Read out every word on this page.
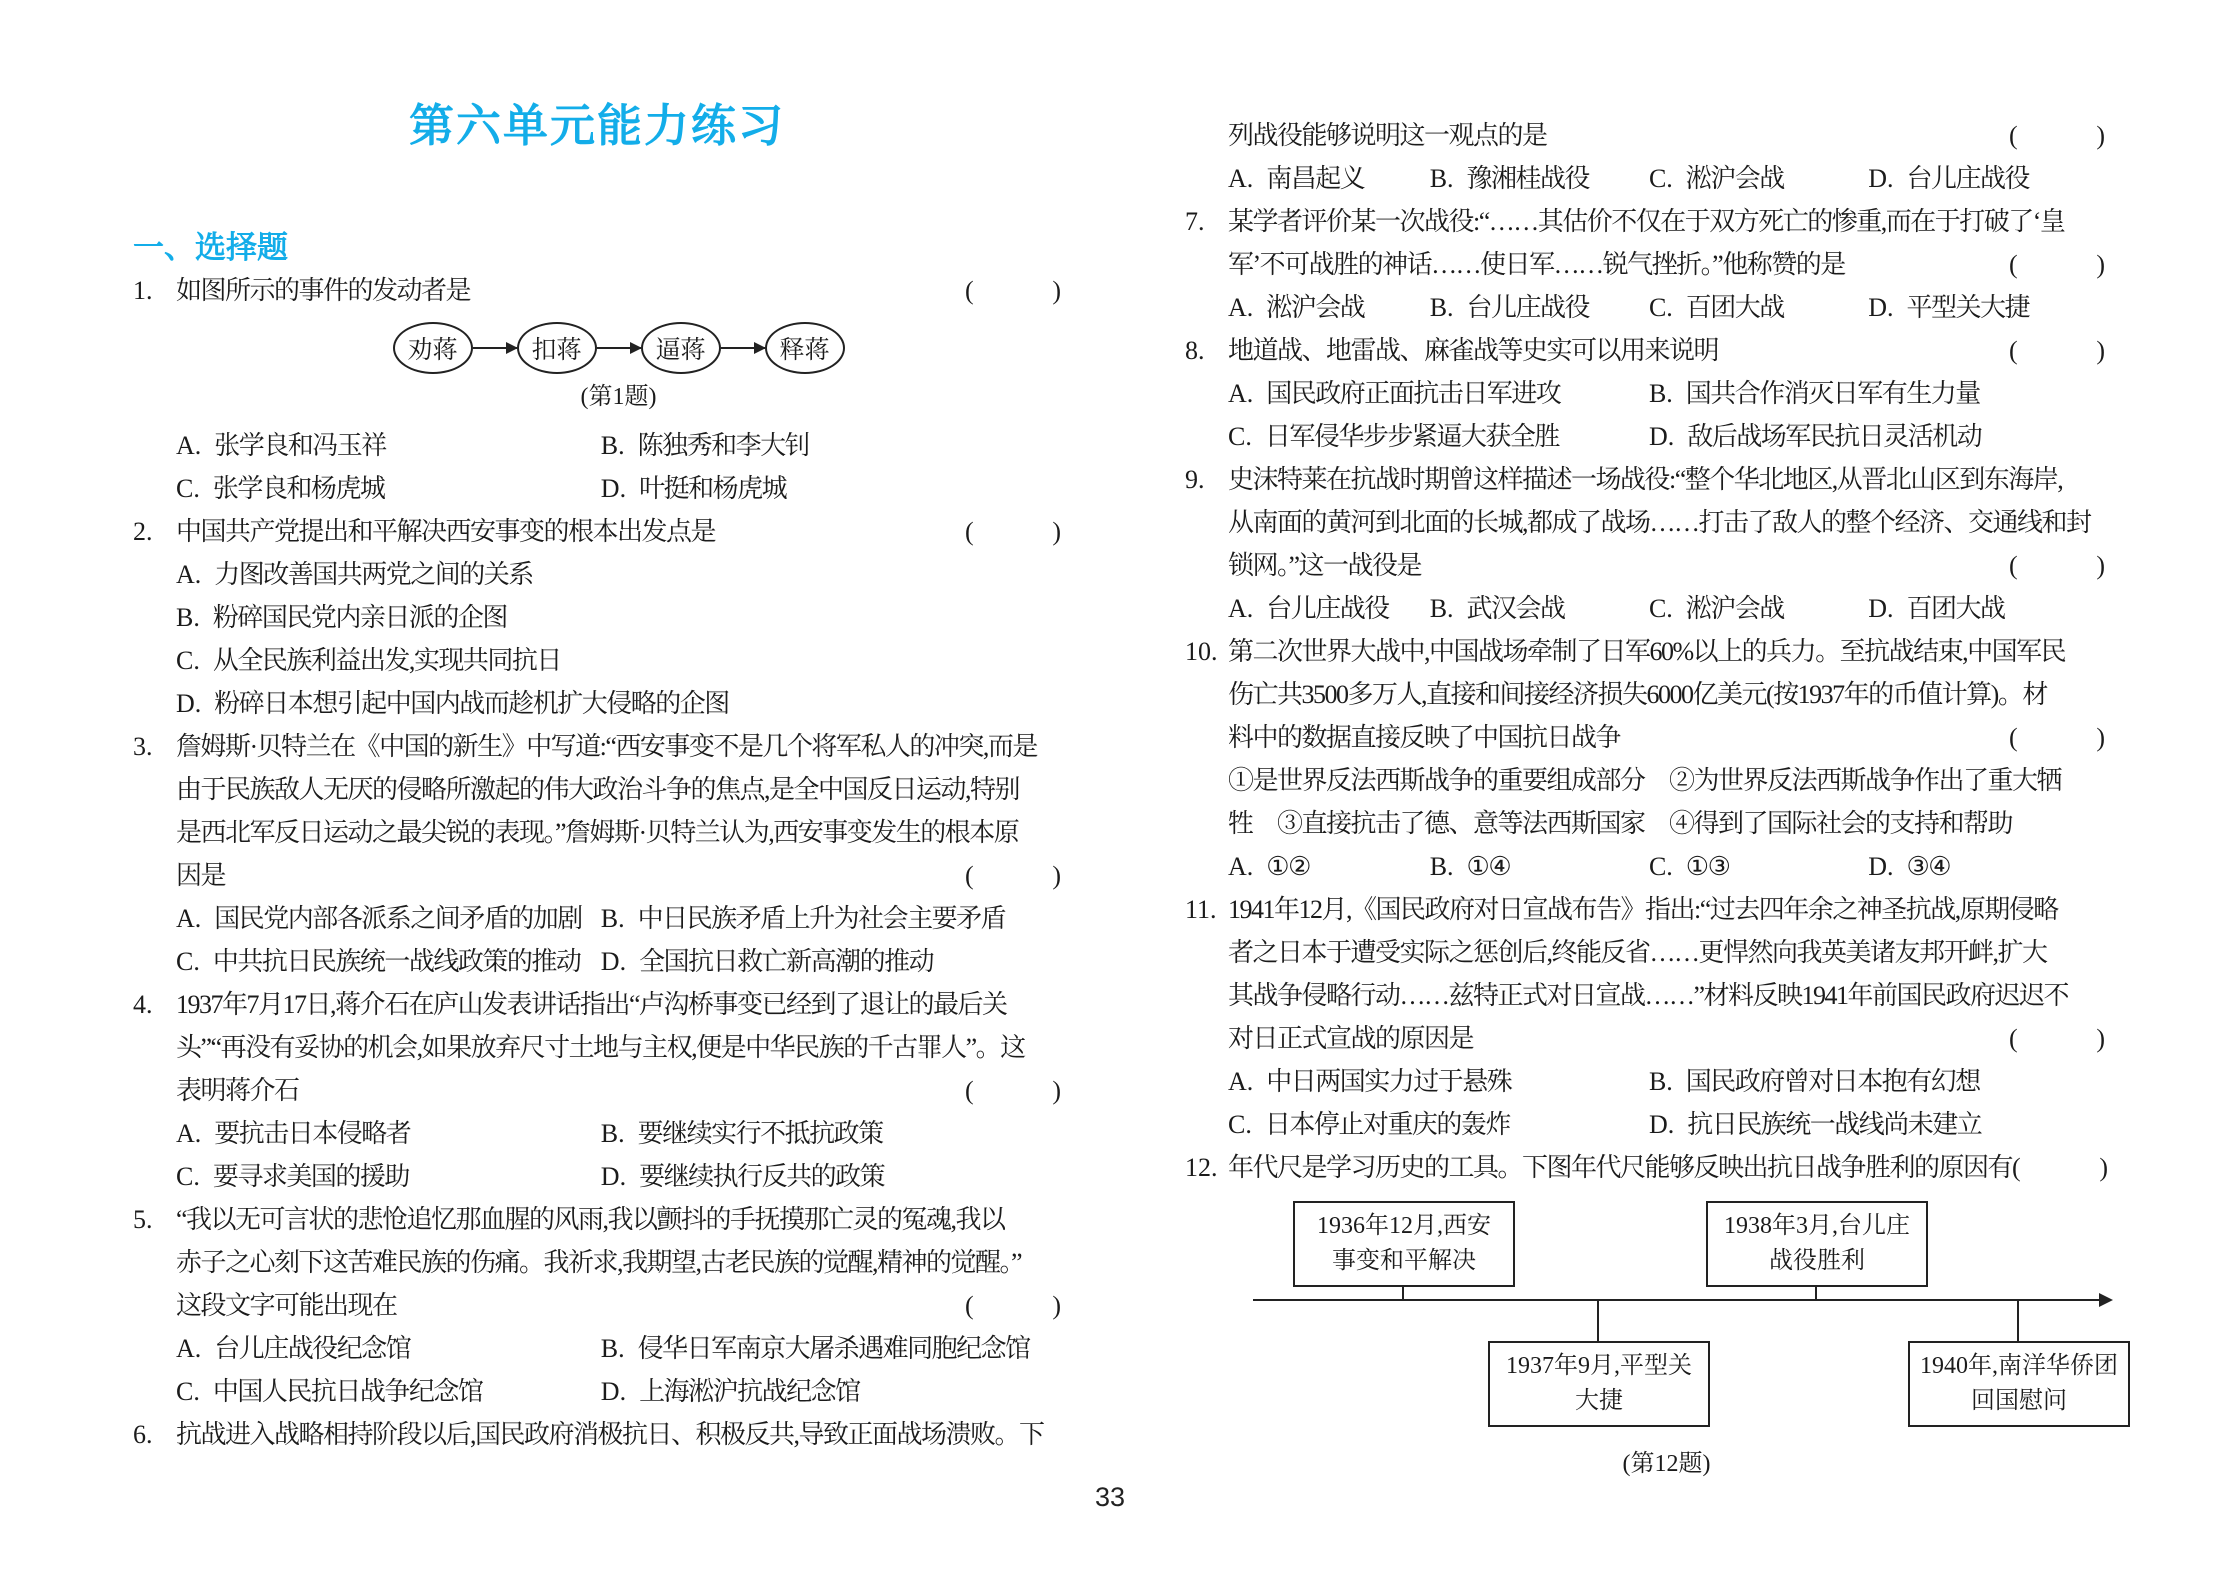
第六单元能力练习
一、选择题
1. 如图所示的事件的发动者是	(	)
劝蒋	扣蒋	逼蒋	释蒋
(第1题)
A. 张学良和冯玉祥	B. 陈独秀和李大钊
C. 张学良和杨虎城	D. 叶挺和杨虎城
2. 中国共产党提出和平解决西安事变的根本出发点是	(	)
A. 力图改善国共两党之间的关系
B. 粉碎国民党内亲日派的企图
C. 从全民族利益出发,实现共同抗日
D. 粉碎日本想引起中国内战而趁机扩大侵略的企图
3. 詹姆斯·贝特兰在《中国的新生》中写道:“西安事变不是几个将军私人的冲突,而是
由于民族敌人无厌的侵略所激起的伟大政治斗争的焦点,是全中国反日运动,特别
是西北军反日运动之最尖锐的表现。”詹姆斯·贝特兰认为,西安事变发生的根本原
因是	(	)
A. 国民党内部各派系之间矛盾的加剧 B. 中日民族矛盾上升为社会主要矛盾
C. 中共抗日民族统一战线政策的推动 D. 全国抗日救亡新高潮的推动
4. 1937年7月17日,蒋介石在庐山发表讲话指出“卢沟桥事变已经到了退让的最后关
头”“再没有妥协的机会,如果放弃尺寸土地与主权,便是中华民族的千古罪人”。这
表明蒋介石	(	)
A. 要抗击日本侵略者	B. 要继续实行不抵抗政策
C. 要寻求美国的援助	D. 要继续执行反共的政策
5. “我以无可言状的悲怆追忆那血腥的风雨,我以颤抖的手抚摸那亡灵的冤魂,我以
赤子之心刻下这苦难民族的伤痛。我祈求,我期望,古老民族的觉醒,精神的觉醒。”
这段文字可能出现在	(	)
A. 台儿庄战役纪念馆	B. 侵华日军南京大屠杀遇难同胞纪念馆
C. 中国人民抗日战争纪念馆	D. 上海淞沪抗战纪念馆
6. 抗战进入战略相持阶段以后,国民政府消极抗日、积极反共,导致正面战场溃败。下
列战役能够说明这一观点的是	(	)
A. 南昌起义	B. 豫湘桂战役	C. 淞沪会战	D. 台儿庄战役
7. 某学者评价某一次战役:“……其估价不仅在于双方死亡的惨重,而在于打破了‘皇
军’不可战胜的神话……使日军……锐气挫折。”他称赞的是	(	)
A. 淞沪会战	B. 台儿庄战役	C. 百团大战	D. 平型关大捷
8. 地道战、地雷战、麻雀战等史实可以用来说明	(	)
A. 国民政府正面抗击日军进攻	B. 国共合作消灭日军有生力量
C. 日军侵华步步紧逼大获全胜	D. 敌后战场军民抗日灵活机动
9. 史沫特莱在抗战时期曾这样描述一场战役:“整个华北地区,从晋北山区到东海岸,
从南面的黄河到北面的长城,都成了战场……打击了敌人的整个经济、交通线和封
锁网。”这一战役是	(	)
A. 台儿庄战役	B. 武汉会战	C. 淞沪会战	D. 百团大战
10. 第二次世界大战中,中国战场牵制了日军60%以上的兵力。至抗战结束,中国军民
伤亡共3500多万人,直接和间接经济损失6000亿美元(按1937年的币值计算)。材
料中的数据直接反映了中国抗日战争	(	)
①是世界反法西斯战争的重要组成部分　②为世界反法西斯战争作出了重大牺
牲　③直接抗击了德、意等法西斯国家　④得到了国际社会的支持和帮助
A. ①②	B. ①④	C. ①③	D. ③④
11. 1941年12月,《国民政府对日宣战布告》指出:“过去四年余之神圣抗战,原期侵略
者之日本于遭受实际之惩创后,终能反省……更悍然向我英美诸友邦开衅,扩大
其战争侵略行动……兹特正式对日宣战……”材料反映1941年前国民政府迟迟不
对日正式宣战的原因是	(	)
A. 中日两国实力过于悬殊	B. 国民政府曾对日本抱有幻想
C. 日本停止对重庆的轰炸	D. 抗日民族统一战线尚未建立
12. 年代尺是学习历史的工具。下图年代尺能够反映出抗日战争胜利的原因有 (	)
1936年12月,西安
事变和平解决
1938年3月,台儿庄
战役胜利
1937年9月,平型关
大捷
1940年,南洋华侨团
回国慰问
(第12题)
33
